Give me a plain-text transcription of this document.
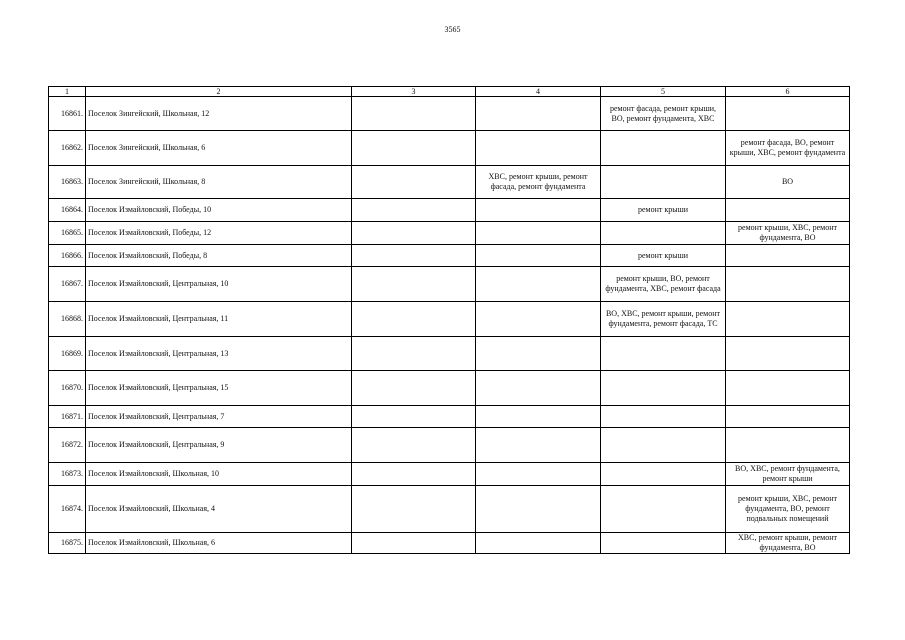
3565
1	2	3	4	5	6
16861.	Поселок Зингейский, Школьная, 12			ремонт фасада, ремонт крыши, ВО, ремонт фундамента, ХВС	
16862.	Поселок Зингейский, Школьная, 6				ремонт фасада, ВО, ремонт крыши, ХВС, ремонт фундамента
16863.	Поселок Зингейский, Школьная, 8		ХВС, ремонт крыши, ремонт фасада, ремонт фундамента		ВО
16864.	Поселок Измайловский, Победы, 10			ремонт крыши	
16865.	Поселок Измайловский, Победы, 12				ремонт крыши, ХВС, ремонт фундамента, ВО
16866.	Поселок Измайловский, Победы, 8			ремонт крыши	
16867.	Поселок Измайловский, Центральная, 10			ремонт крыши, ВО, ремонт фундамента, ХВС, ремонт фасада	
16868.	Поселок Измайловский, Центральная, 11			ВО, ХВС, ремонт крыши, ремонт фундамента, ремонт фасада, ТС	
16869.	Поселок Измайловский, Центральная, 13				
16870.	Поселок Измайловский, Центральная, 15				
16871.	Поселок Измайловский, Центральная, 7				
16872.	Поселок Измайловский, Центральная, 9				
16873.	Поселок Измайловский, Школьная, 10				ВО, ХВС, ремонт фундамента, ремонт крыши
16874.	Поселок Измайловский, Школьная, 4				ремонт крыши, ХВС, ремонт фундамента, ВО, ремонт подвальных помещений
16875.	Поселок Измайловский, Школьная, 6				ХВС, ремонт крыши, ремонт фундамента, ВО
